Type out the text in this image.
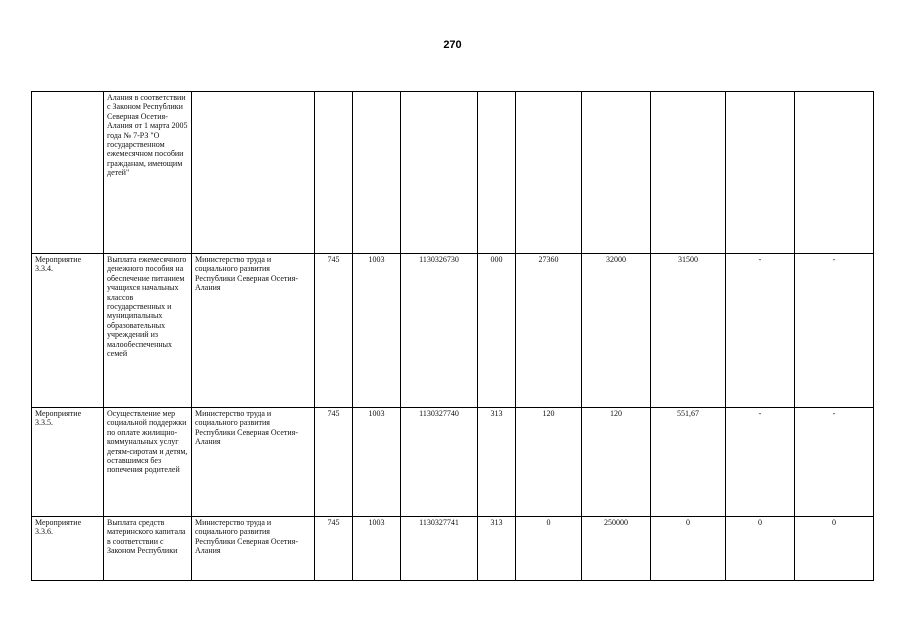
270
	Алания в соответствии с Законом Республики Северная Осетия-Алания от 1 марта 2005 года № 7-РЗ "О государственном ежемесячном пособии гражданам, имеющим детей"										
Мероприятие 3.3.4.	Выплата ежемесячного денежного пособия на обеспечение питанием учащихся начальных классов государственных и муниципальных образовательных учреждений из малообеспеченных семей	Министерство труда и социального развития Республики Северная Осетия-Алания	745	1003	1130326730	000	27360	32000	31500	-	-
Мероприятие 3.3.5.	Осуществление мер социальной поддержки по оплате жилищно-коммунальных услуг детям-сиротам и детям, оставшимся без попечения родителей	Министерство труда и социального развития Республики Северная Осетия-Алания	745	1003	1130327740	313	120	120	551,67	-	-
Мероприятие 3.3.6.	Выплата средств материнского капитала в соответствии с Законом Республики	Министерство труда и социального развития Республики Северная Осетия-Алания	745	1003	1130327741	313	0	250000	0	0	0
